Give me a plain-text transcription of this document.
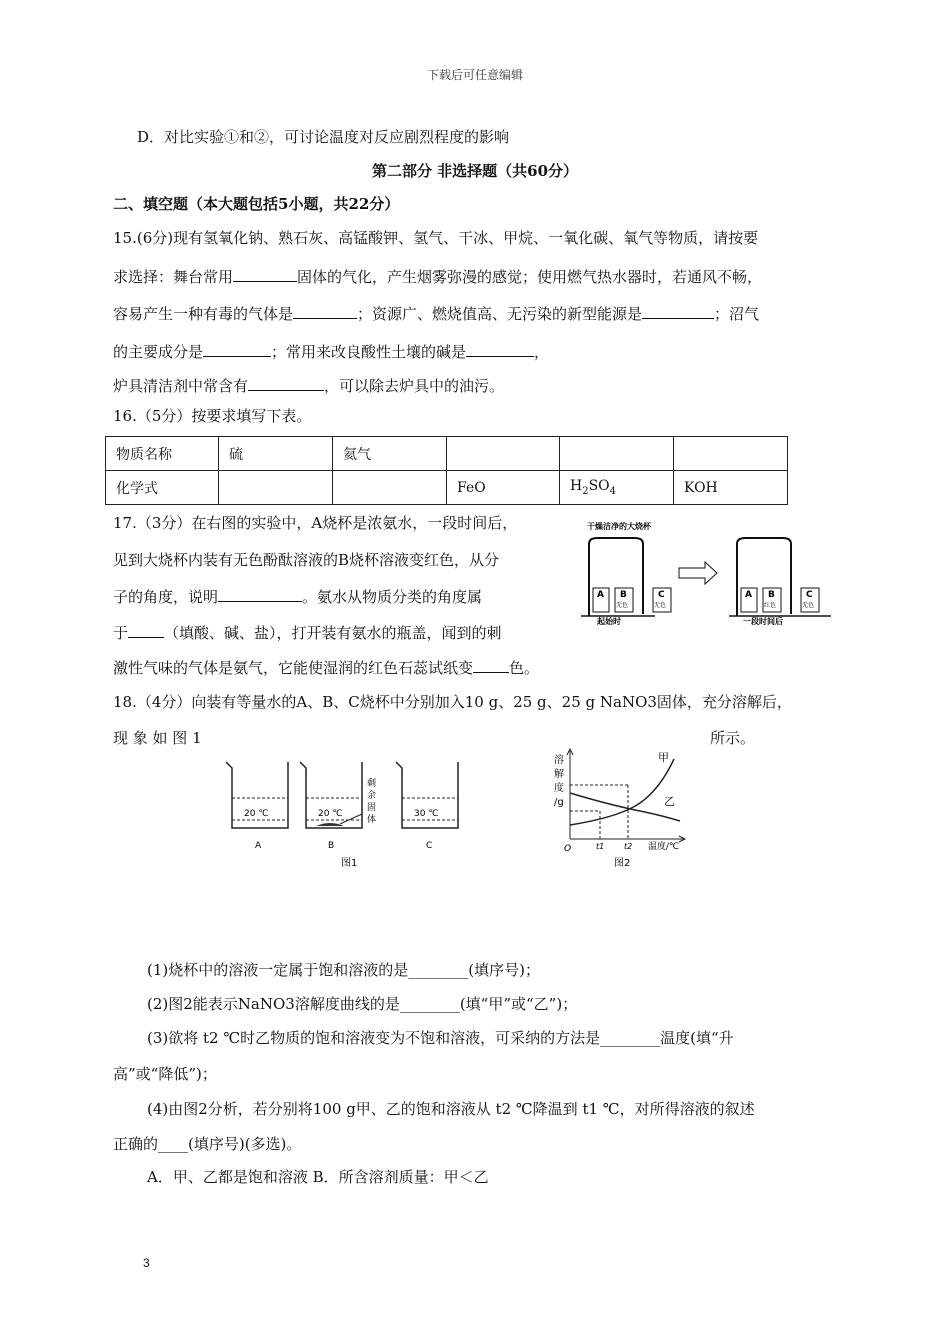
下载后可任意编辑
D．对比实验①和②，可讨论温度对反应剧烈程度的影响
第二部分 非选择题（共60分）
二、填空题（本大题包括5小题，共22分）
15.(6分)现有氢氧化钠、熟石灰、高锰酸钾、氢气、干冰、甲烷、一氧化碳、氧气等物质，请按要
求选择：舞台常用	固体的气化，产生烟雾弥漫的感觉；使用燃气热水器时，若通风不畅，
容易产生一种有毒的气体是	；资源广、燃烧值高、无污染的新型能源是	；沼气
的主要成分是	；常用来改良酸性土壤的碱是	，
炉具清洁剂中常含有	，可以除去炉具中的油污。
16.（5分）按要求填写下表。
物质名称	硫	氦气			
化学式			FeO	$H_2SO_4$	KOH
17.（3分）在右图的实验中，A烧杯是浓氨水，一段时间后，
见到大烧杯内装有无色酚酞溶液的B烧杯溶液变红色，从分
子的角度，说明	。氨水从物质分类的角度属
于 （填酸、碱、盐），打开装有氨水的瓶盖，闻到的刺
激性气味的气体是氨气，它能使湿润的红色石蕊试纸变 色。
干燥洁净的大烧杯
A B
无色
C
无色
起始时
A B
红色
C
无色
一段时间后
18.（4分）向装有等量水的A、B、C烧杯中分别加入10 g、25 g、25 g NaNO3固体，充分溶解后，
现 象 如 图 1	所示。
20 ℃
A
20 ℃
剩
余
固
体
B
30 ℃
C
图1
溶
解
度
/g
O
甲
乙
t1 t2 温度/℃
图2
(1)烧杯中的溶液一定属于饱和溶液的是________(填序号)；
(2)图2能表示NaNO3溶解度曲线的是________(填“甲”或“乙”)；
(3)欲将 t2 ℃时乙物质的饱和溶液变为不饱和溶液，可采纳的方法是________温度(填“升
高”或“降低”)；
(4)由图2分析，若分别将100 g甲、乙的饱和溶液从 t2 ℃降温到 t1 ℃，对所得溶液的叙述
正确的____(填序号)(多选)。
A．甲、乙都是饱和溶液 B．所含溶剂质量：甲＜乙
3
